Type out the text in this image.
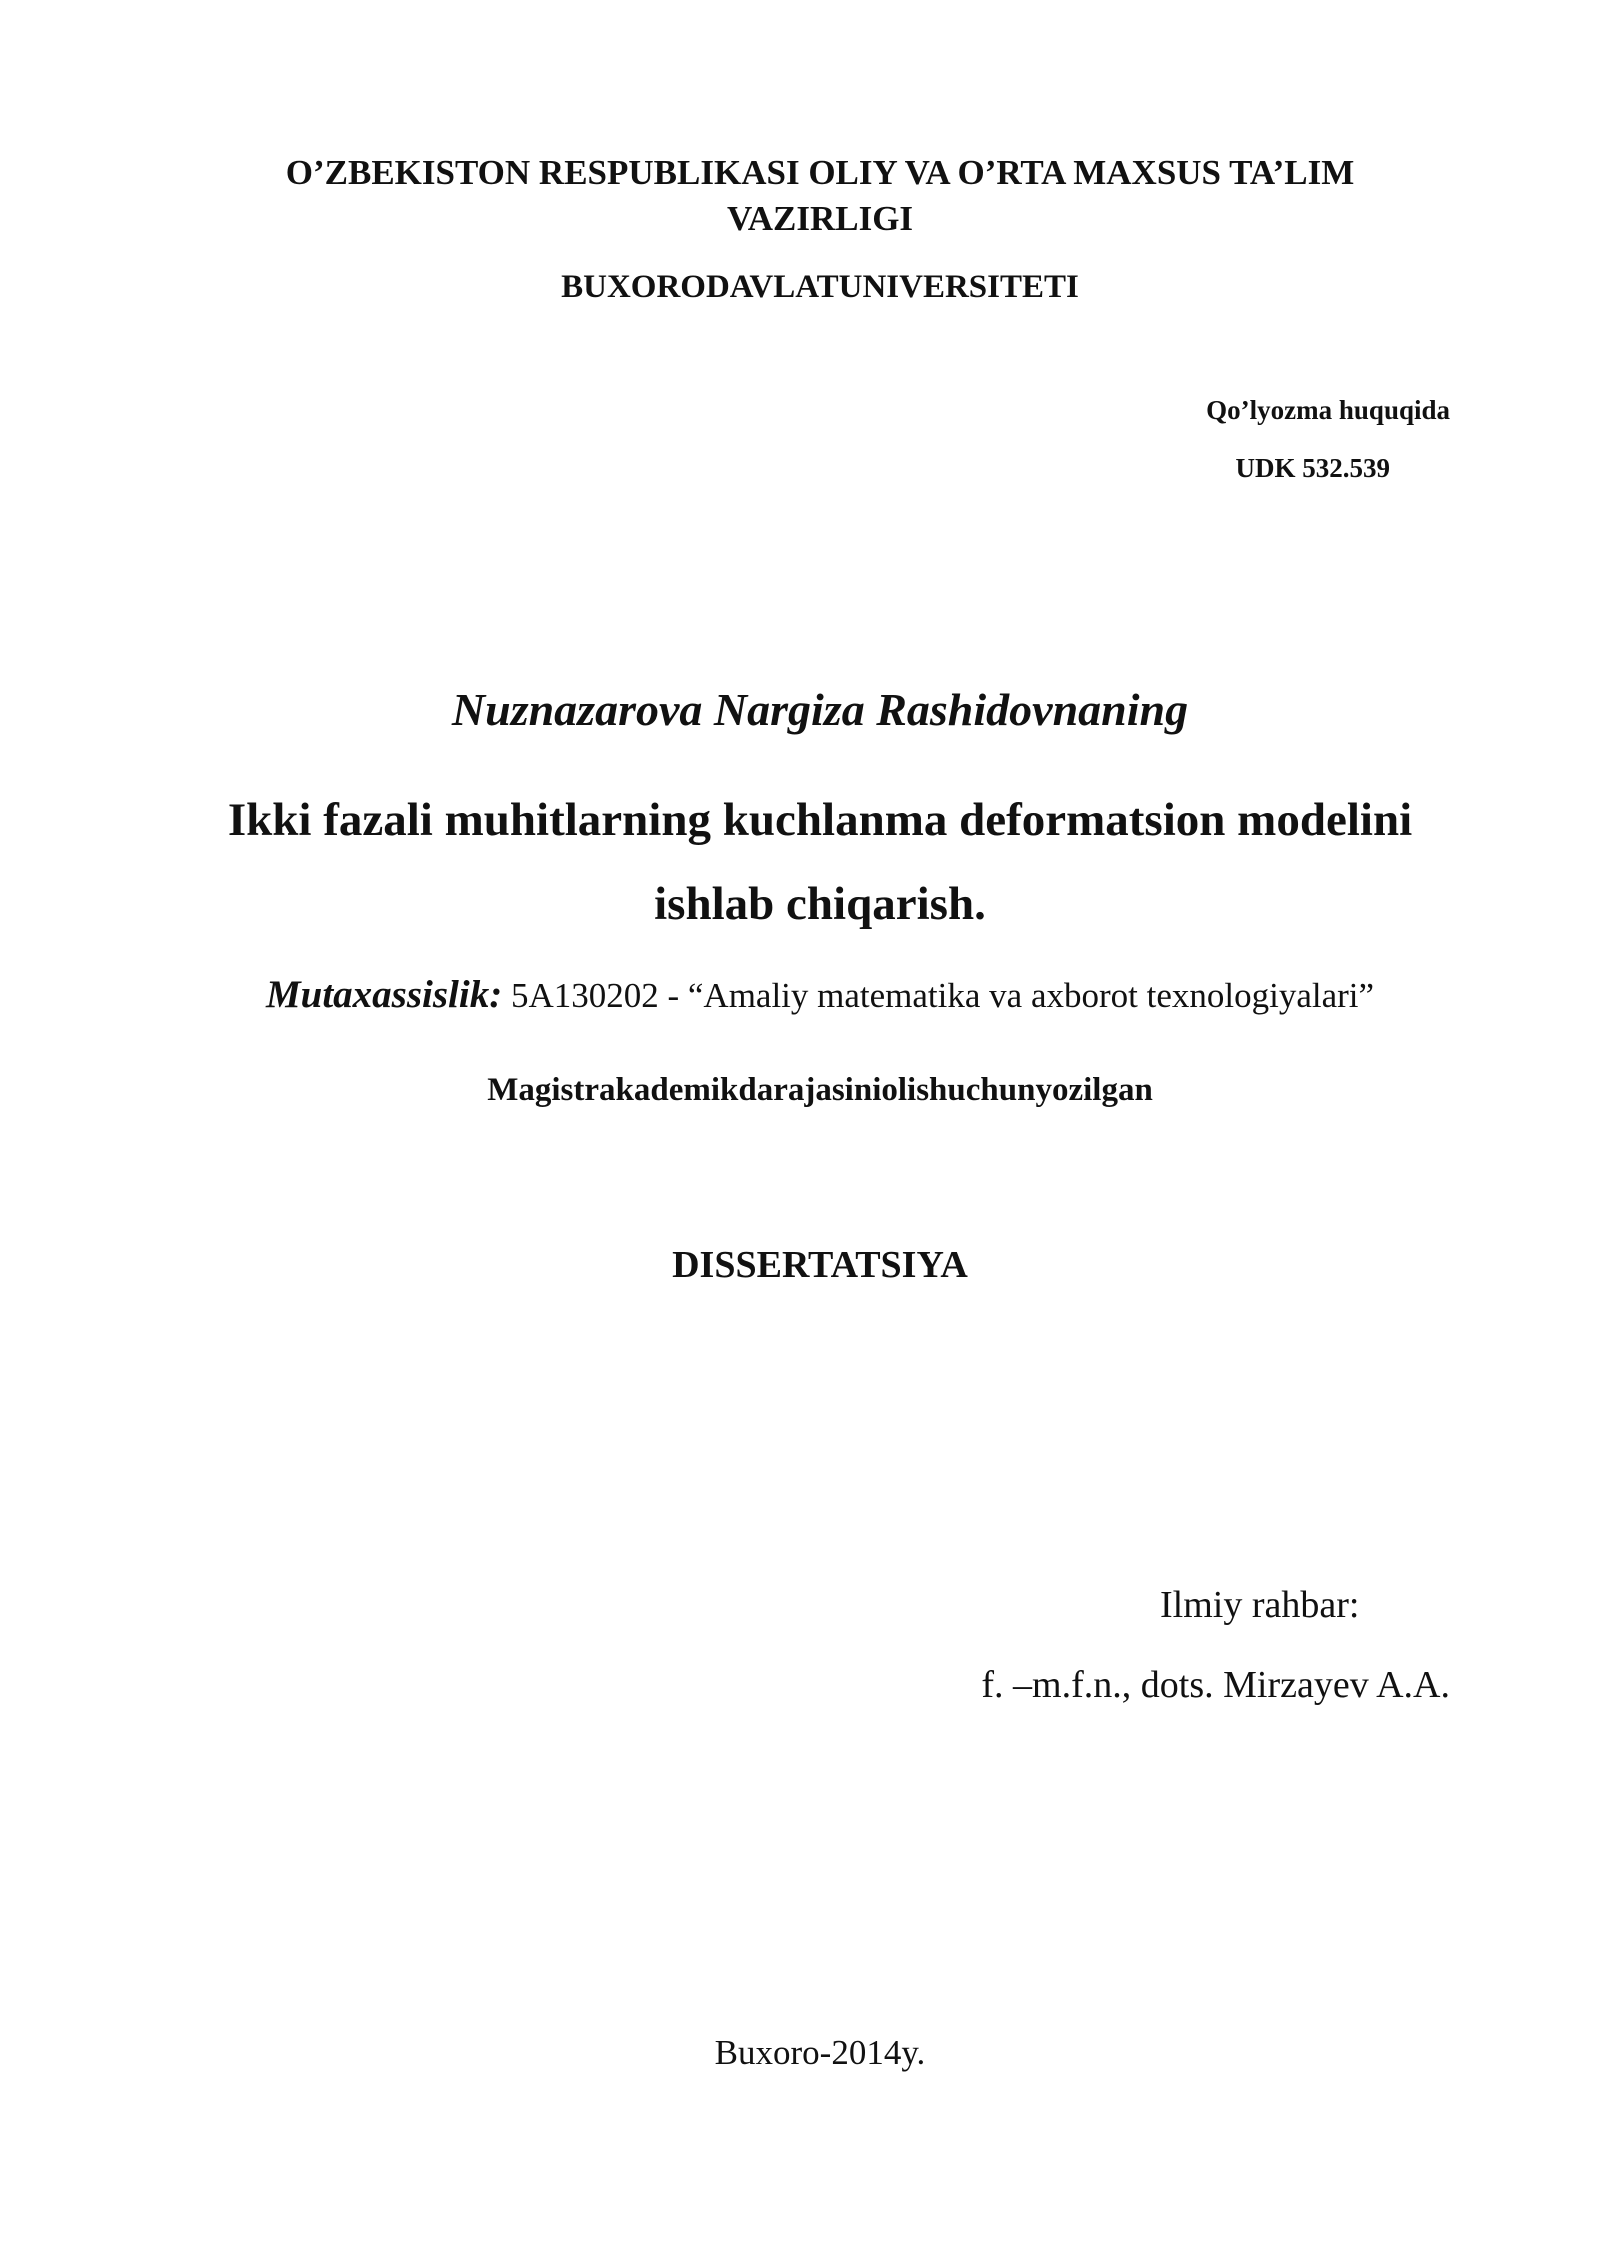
O’ZBEKISTON RESPUBLIKASI OLIY VA O’RTA MAXSUS TA’LIM VAZIRLIGI
BUXORODAVLATUNIVERSITETI
Qo’lyozma huquqida
UDK 532.539
Nuznazarova Nargiza Rashidovnaning
Ikki fazali muhitlarning kuchlanma deformatsion modelini ishlab chiqarish.
Mutaxassislik: 5A130202 - “Amaliy matematika va axborot texnologiyalari”
Magistrakademikdarajasiniolishuchunyozilgan
DISSERTATSIYA
Ilmiy rahbar:
f. –m.f.n., dots. Mirzayev A.A.
Buxoro-2014y.
